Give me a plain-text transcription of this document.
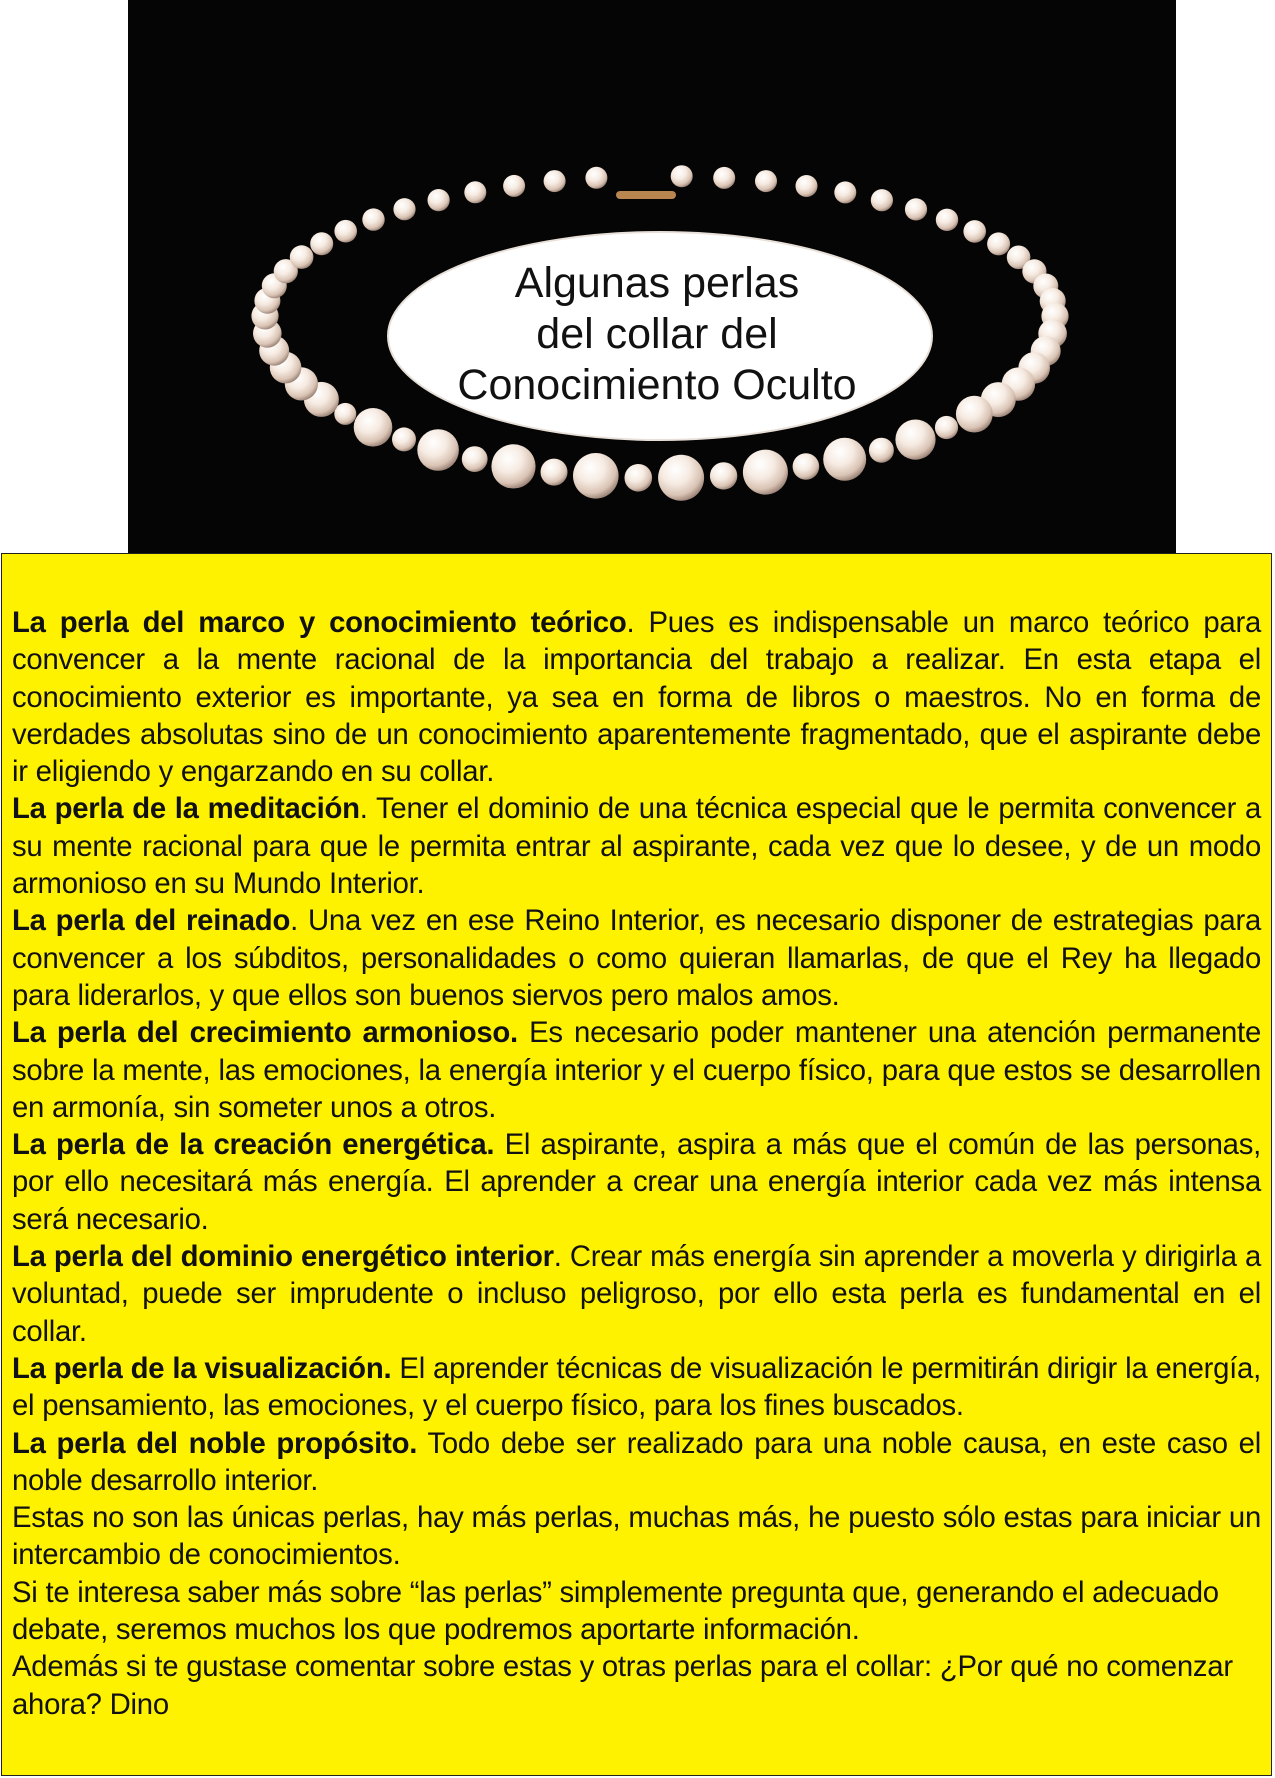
Algunas perlas
del collar del
Conocimiento Oculto

La perla del marco y conocimiento teórico. Pues es indispensable un marco teórico para convencer a la mente racional de la importancia del trabajo a realizar. En esta etapa el conocimiento exterior es importante, ya sea en forma de libros o maestros. No en forma de verdades absolutas sino de un conocimiento aparentemente fragmentado, que el aspirante debe ir eligiendo y engarzando en su collar.

La perla de la meditación. Tener el dominio de una técnica especial que le permita convencer a su mente racional para que le permita entrar al aspirante, cada vez que lo desee, y de un modo armonioso en su Mundo Interior.

La perla del reinado. Una vez en ese Reino Interior, es necesario disponer de estrategias para convencer a los súbditos, personalidades o como quieran llamarlas, de que el Rey ha llegado para liderarlos, y que ellos son buenos siervos pero malos amos.

La perla del crecimiento armonioso. Es necesario poder mantener una atención permanente sobre la mente, las emociones, la energía interior y el cuerpo físico, para que estos se desarrollen en armonía, sin someter unos a otros.

La perla de la creación energética. El aspirante, aspira a más que el común de las personas, por ello necesitará más energía. El aprender a crear una energía interior cada vez más intensa será necesario.

La perla del dominio energético interior. Crear más energía sin aprender a moverla y dirigirla a voluntad, puede ser imprudente o incluso peligroso, por ello esta perla es fundamental en el collar.

La perla de la visualización. El aprender técnicas de visualización le permitirán dirigir la energía, el pensamiento, las emociones, y el cuerpo físico, para los fines buscados.

La perla del noble propósito. Todo debe ser realizado para una noble causa, en este caso el noble desarrollo interior.

Estas no son las únicas perlas, hay más perlas, muchas más, he puesto sólo estas para iniciar un intercambio de conocimientos.

Si te interesa saber más sobre “las perlas” simplemente pregunta que, generando el adecuado debate, seremos muchos los que podremos aportarte información.

Además si te gustase comentar sobre estas y otras perlas para el collar: ¿Por qué no comenzar ahora? Dino
